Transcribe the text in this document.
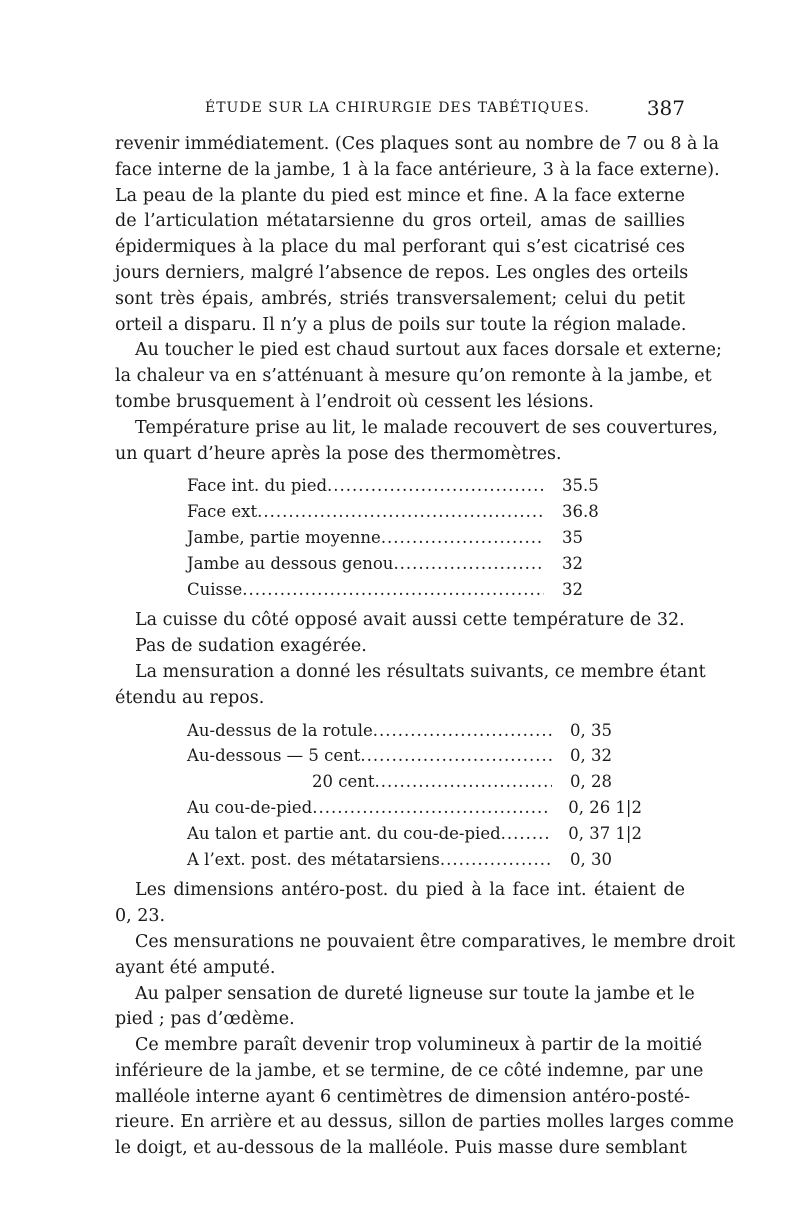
ÉTUDE SUR LA CHIRURGIE DES TABÉTIQUES.	387
revenir immédiatement. (Ces plaques sont au nombre de 7 ou 8 à la
face interne de la jambe, 1 à la face antérieure, 3 à la face externe).
La peau de la plante du pied est mince et fine. A la face externe
de l’articulation métatarsienne du gros orteil, amas de saillies
épidermiques à la place du mal perforant qui s’est cicatrisé ces
jours derniers, malgré l’absence de repos. Les ongles des orteils
sont très épais, ambrés, striés transversalement; celui du petit
orteil a disparu. Il n’y a plus de poils sur toute la région malade.
Au toucher le pied est chaud surtout aux faces dorsale et externe;
la chaleur va en s’atténuant à mesure qu’on remonte à la jambe, et
tombe brusquement à l’endroit où cessent les lésions.
Température prise au lit, le malade recouvert de ses couvertures,
un quart d’heure après la pose des thermomètres.
Face int. du pied .....	35.5
Face ext .....	36.8
Jambe, partie moyenne .....	35
Jambe au dessous genou .....	32
Cuisse .....	32
La cuisse du côté opposé avait aussi cette température de 32.
Pas de sudation exagérée.
La mensuration a donné les résultats suivants, ce membre étant
étendu au repos.
Au-dessus de la rotule .....	0, 35
Au-dessous — 5 cent .....	0, 32
20 cent .....	0, 28
Au cou-de-pied .....	0, 26 1|2
Au talon et partie ant. du cou-de-pied .....	0, 37 1|2
A l’ext. post. des métatarsiens .....	0, 30
Les dimensions antéro-post. du pied à la face int. étaient de
0, 23.
Ces mensurations ne pouvaient être comparatives, le membre droit
ayant été amputé.
Au palper sensation de dureté ligneuse sur toute la jambe et le
pied ; pas d’œdème.
Ce membre paraît devenir trop volumineux à partir de la moitié
inférieure de la jambe, et se termine, de ce côté indemne, par une
malléole interne ayant 6 centimètres de dimension antéro-posté-
rieure. En arrière et au dessus, sillon de parties molles larges comme
le doigt, et au-dessous de la malléole. Puis masse dure semblant
